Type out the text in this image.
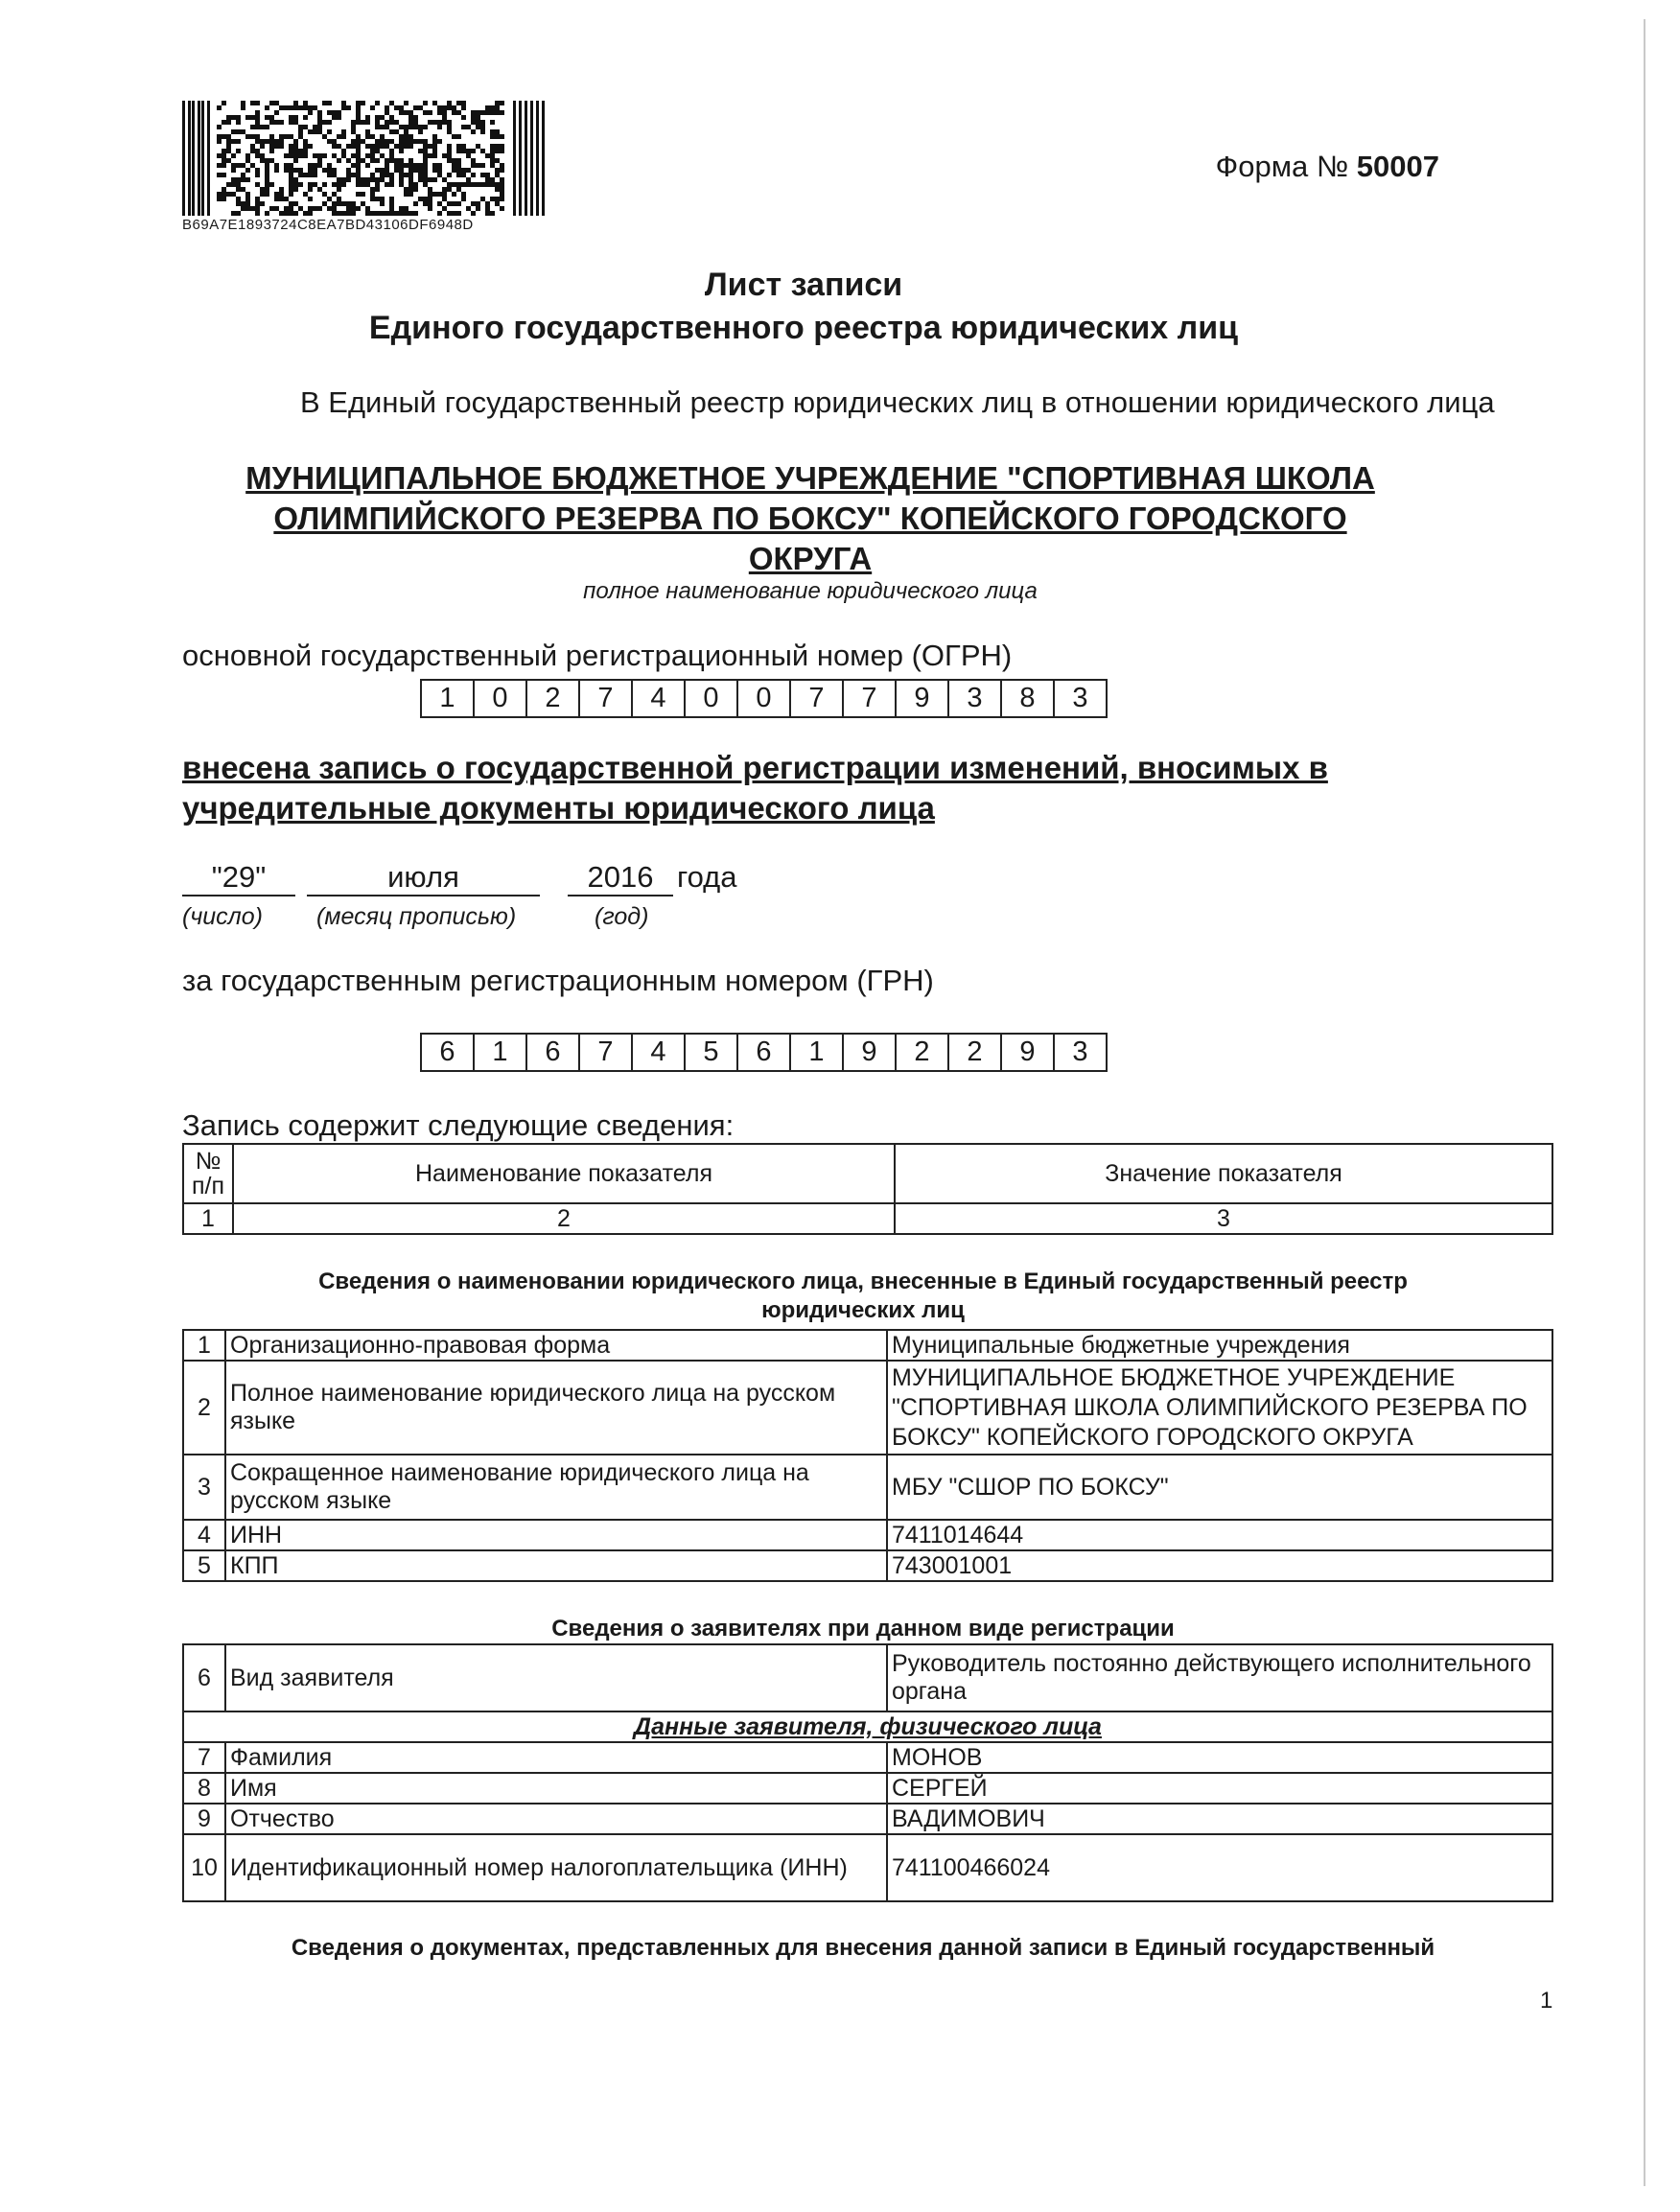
B69A7E1893724C8EA7BD43106DF6948D
Форма № 50007
Лист записи
Единого государственного реестра юридических лиц
В Единый государственный реестр юридических лиц в отношении юридического лица
МУНИЦИПАЛЬНОЕ БЮДЖЕТНОЕ УЧРЕЖДЕНИЕ "СПОРТИВНАЯ ШКОЛА
ОЛИМПИЙСКОГО РЕЗЕРВА ПО БОКСУ" КОПЕЙСКОГО ГОРОДСКОГО
ОКРУГА
полное наименование юридического лица
основной государственный регистрационный номер (ОГРН)
1	0	2	7	4	0	0	7	7	9	3	8	3
внесена запись о государственной регистрации изменений, вносимых в
учредительные документы юридического лица
"29"	июля	2016 года
(число) (месяц прописью)	(год)
за государственным регистрационным номером (ГРН)
6	1	6	7	4	5	6	1	9	2	2	9	3
Запись содержит следующие сведения:
№
п/п	Наименование показателя	Значение показателя
1	2	3
Сведения о наименовании юридического лица, внесенные в Единый государственный реестр
юридических лиц
1	Организационно-правовая форма	Муниципальные бюджетные учреждения
2	Полное наименование юридического лица на русском языке	МУНИЦИПАЛЬНОЕ БЮДЖЕТНОЕ УЧРЕЖДЕНИЕ "СПОРТИВНАЯ ШКОЛА ОЛИМПИЙСКОГО РЕЗЕРВА ПО БОКСУ" КОПЕЙСКОГО ГОРОДСКОГО ОКРУГА
3	Сокращенное наименование юридического лица на русском языке	МБУ "СШОР ПО БОКСУ"
4	ИНН	7411014644
5	КПП	743001001
Сведения о заявителях при данном виде регистрации
6	Вид заявителя	Руководитель постоянно действующего исполнительного органа
Данные заявителя, физического лица		
7	Фамилия	МОНОВ
8	Имя	СЕРГЕЙ
9	Отчество	ВАДИМОВИЧ
10	Идентификационный номер налогоплательщика (ИНН)	741100466024
Сведения о документах, представленных для внесения данной записи в Единый государственный
1
